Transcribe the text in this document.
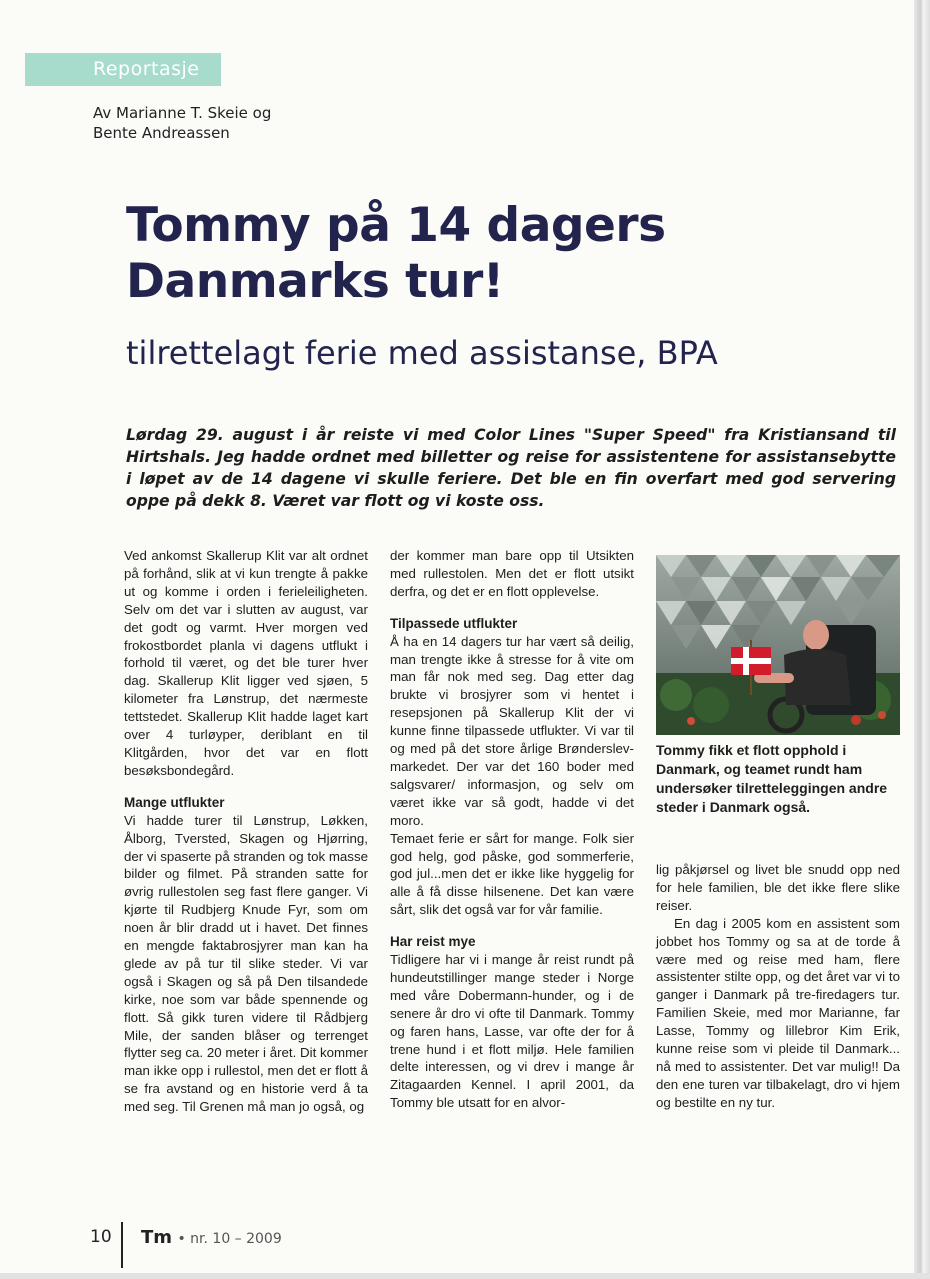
Reportasje
Av Marianne T. Skeie og
Bente Andreassen
Tommy på 14 dagers
Danmarks tur!
tilrettelagt ferie med assistanse, BPA
Lørdag 29. august i år reiste vi med Color Lines "Super Speed" fra Kristiansand til Hirtshals. Jeg hadde ordnet med billetter og reise for assistentene for assistansebytte i løpet av de 14 dagene vi skulle feriere. Det ble en fin overfart med god servering oppe på dekk 8. Været var flott og vi koste oss.

Ved ankomst Skallerup Klit var alt ordnet på forhånd, slik at vi kun trengte å pakke ut og komme i orden i ferieleiligheten. Selv om det var i slutten av august, var det godt og varmt. Hver morgen ved frokostbordet planla vi dagens utflukt i forhold til været, og det ble turer hver dag. Skallerup Klit ligger ved sjøen, 5 kilometer fra Lønstrup, det nærmeste tettstedet. Skallerup Klit hadde laget kart over 4 turløyper, deriblant en til Klitgården, hvor det var en flott besøksbondegård.

Mange utflukter

Vi hadde turer til Lønstrup, Løkken, Ålborg, Tversted, Skagen og Hjørring, der vi spaserte på stranden og tok masse bilder og filmet. På stranden satte for øvrig rullestolen seg fast flere ganger. Vi kjørte til Rudbjerg Knude Fyr, som om noen år blir dradd ut i havet. Det finnes en mengde faktabrosjyrer man kan ha glede av på tur til slike steder. Vi var også i Skagen og så på Den tilsandede kirke, noe som var både spennende og flott. Så gikk turen videre til Rådbjerg Mile, der sanden blåser og terrenget flytter seg ca. 20 meter i året. Dit kommer man ikke opp i rullestol, men det er flott å se fra avstand og en historie verd å ta med seg. Til Grenen må man jo også, og

der kommer man bare opp til Utsikten med rullestolen. Men det er flott utsikt derfra, og det er en flott opplevelse.

Tilpassede utflukter

Å ha en 14 dagers tur har vært så deilig, man trengte ikke å stresse for å vite om man får nok med seg. Dag etter dag brukte vi brosjyrer som vi hentet i resepsjonen på Skallerup Klit der vi kunne finne tilpassede utflukter. Vi var til og med på det store årlige Brønderslev-markedet. Der var det 160 boder med salgsvarer/ informasjon, og selv om været ikke var så godt, hadde vi det moro.

Temaet ferie er sårt for mange. Folk sier god helg, god påske, god sommerferie, god jul...men det er ikke like hyggelig for alle å få disse hilsenene. Det kan være sårt, slik det også var for vår familie.

Har reist mye

Tidligere har vi i mange år reist rundt på hundeutstillinger mange steder i Norge med våre Dobermann-hunder, og i de senere år dro vi ofte til Danmark. Tommy og faren hans, Lasse, var ofte der for å trene hund i et flott miljø. Hele familien delte interessen, og vi drev i mange år Zitagaarden Kennel. I april 2001, da Tommy ble utsatt for en alvor-

Tommy fikk et flott opphold i Danmark, og teamet rundt ham undersøker tilretteleggingen andre steder i Danmark også.

lig påkjørsel og livet ble snudd opp ned for hele familien, ble det ikke flere slike reiser.

En dag i 2005 kom en assistent som jobbet hos Tommy og sa at de torde å være med og reise med ham, flere assistenter stilte opp, og det året var vi to ganger i Danmark på tre-firedagers tur. Familien Skeie, med mor Marianne, far Lasse, Tommy og lillebror Kim Erik, kunne reise som vi pleide til Danmark... nå med to assistenter. Det var mulig!! Da den ene turen var tilbakelagt, dro vi hjem og bestilte en ny tur.

10 Tm • nr. 10 – 2009
